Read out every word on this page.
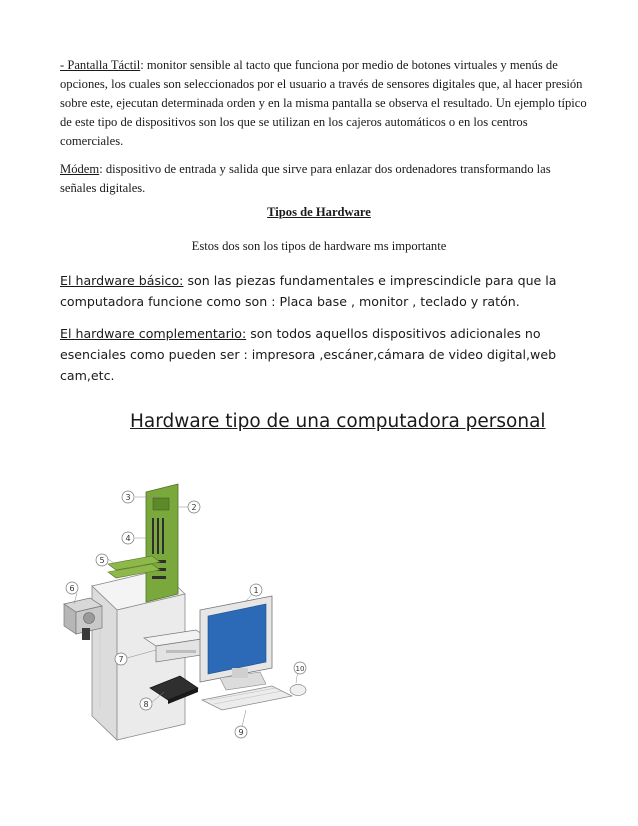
- Pantalla Táctil: monitor sensible al tacto que funciona por medio de botones virtuales y menús de opciones, los cuales son seleccionados por el usuario a través de sensores digitales que, al hacer presión sobre este, ejecutan determinada orden y en la misma pantalla se observa el resultado. Un ejemplo típico de este tipo de dispositivos son los que se utilizan en los cajeros automáticos o en los centros comerciales.

Módem: dispositivo de entrada y salida que sirve para enlazar dos ordenadores transformando las señales digitales.

Tipos de Hardware

Estos dos son los tipos de hardware ms importante

El hardware básico: son las piezas fundamentales e imprescindicle para que la computadora funcione como son : Placa base , monitor , teclado y ratón.

El hardware complementario: son todos aquellos dispositivos adicionales no esenciales como pueden ser : impresora ,escáner,cámara de video digital,web cam,etc.

Hardware tipo de una computadora personal
3
2
4
5
6	1
7
10
8
9
